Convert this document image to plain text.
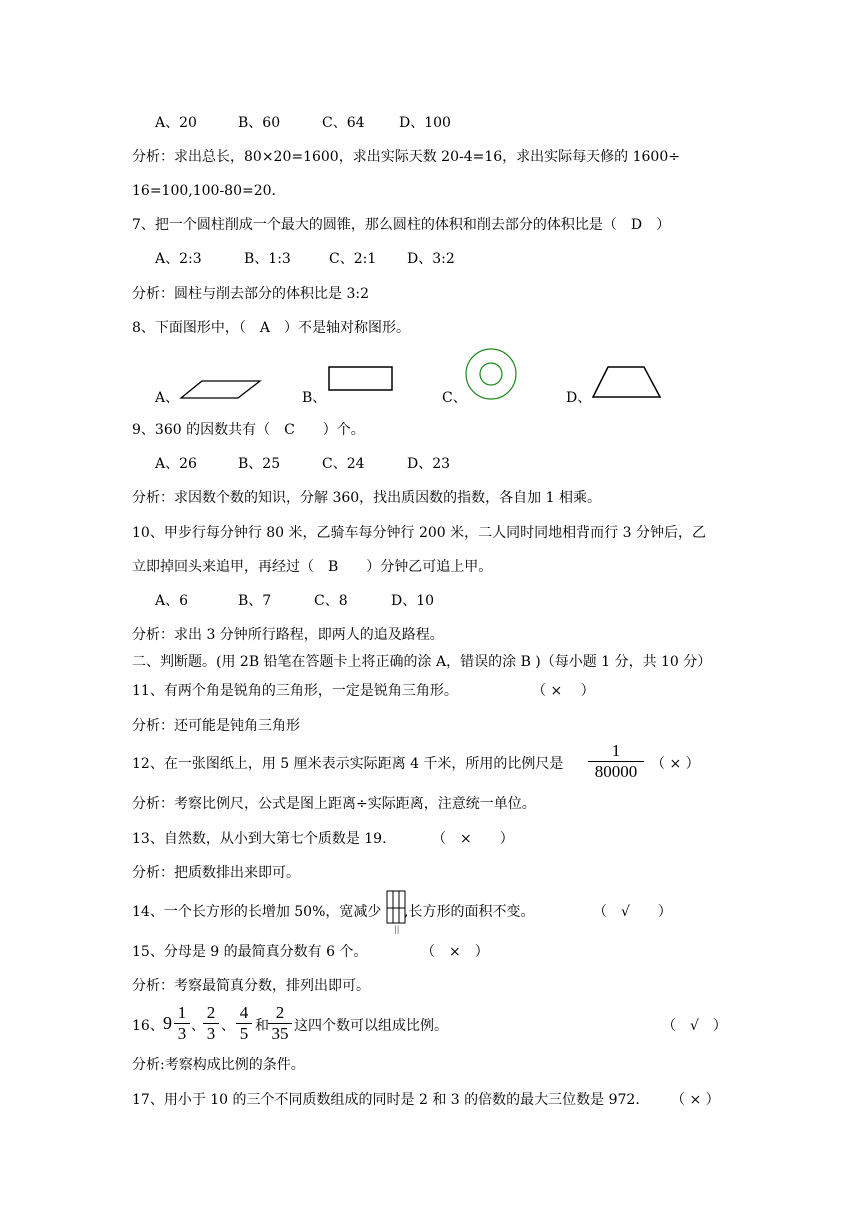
A、20	B、60	C、64 D、100
分析：求出总长，80×20=1600，求出实际天数 20-4=16，求出实际每天修的 1600÷
16=100,100-80=20.
7、把一个圆柱削成一个最大的圆锥，那么圆柱的体积和削去部分的体积比是（　D　）
A、2:3	B、1:3	C、2:1 D、3:2
分析：圆柱与削去部分的体积比是 3:2
8、下面图形中，（　A　）不是轴对称图形。
A、	B、	C、	D、
9、360 的因数共有（　C　　）个。
A、26	B、25	C、24	D、23
分析：求因数个数的知识，分解 360，找出质因数的指数，各自加 1 相乘。
10、甲步行每分钟行 80 米，乙骑车每分钟行 200 米，二人同时同地相背而行 3 分钟后，乙
立即掉回头来追甲，再经过（　B　　）分钟乙可追上甲。
A、6	B、7	C、8	D、10
分析：求出 3 分钟所行路程，即两人的追及路程。
二、判断题。(用 2B 铅笔在答题卡上将正确的涂 A，错误的涂 B )（每小题 1 分，共 10 分）
11、有两个角是锐角的三角形，一定是锐角三角形。	（ ×　 ）
分析：还可能是钝角三角形
12、在一张图纸上，用 5 厘米表示实际距离 4 千米，所用的比例尺是
1
80000 （ × ）
分析：考察比例尺，公式是图上距离÷实际距离，注意统一单位。
13、自然数，从小到大第七个质数是 19.	（　×　　）
分析：把质数排出来即可。
14、一个长方形的长增加 50%，宽减少
||
,长方形的面积不变。	（　√　　）
15、分母是 9 的最简真分数有 6 个。	（　×　）
分析：考察最简真分数，排列出即可。
16、 9
1
3 、
2
3 、
4
5 和
2
35 这四个数可以组成比例。	（　√　）
分析:考察构成比例的条件。
17、用小于 10 的三个不同质数组成的同时是 2 和 3 的倍数的最大三位数是 972. （ × ）
